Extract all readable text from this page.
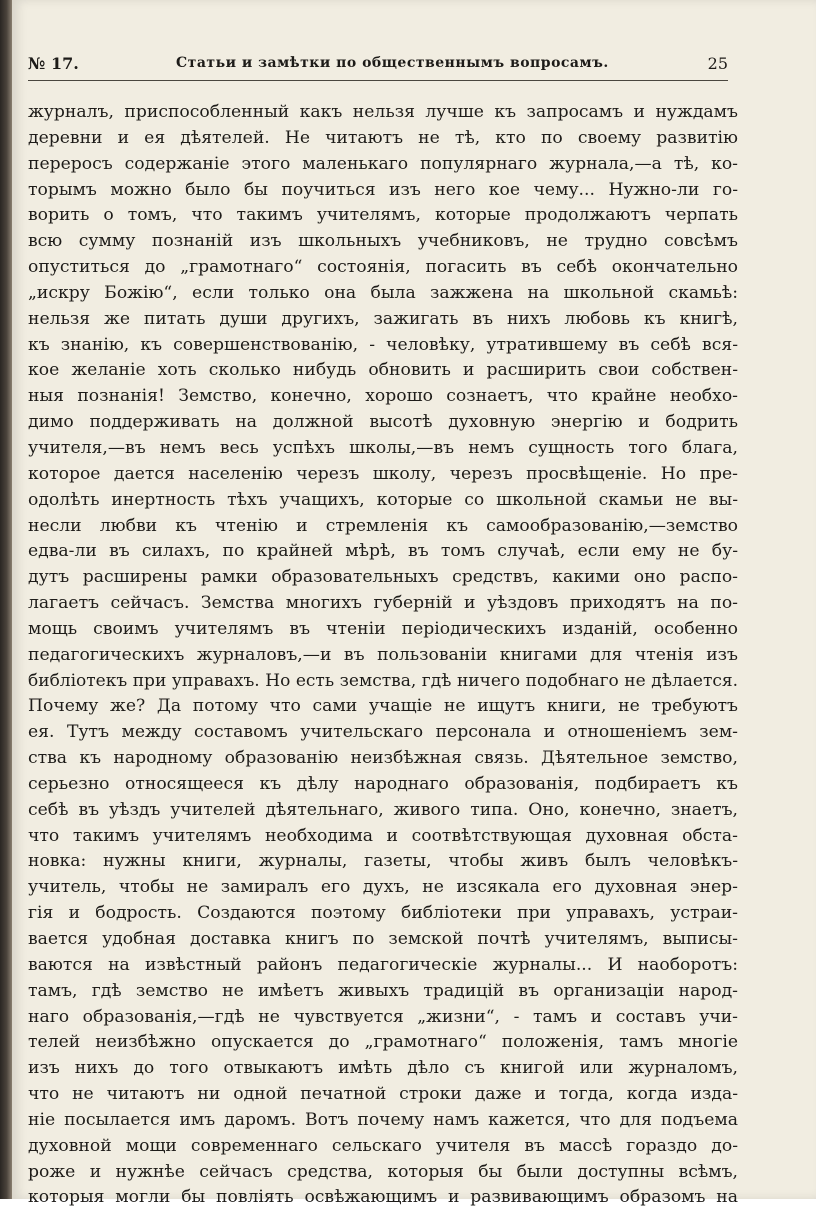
№ 17.	Статьи и замѣтки по общественнымъ вопросамъ.	25
журналъ, приспособленный какъ нельзя лучше къ запросамъ и нуждамъ
деревни и ея дѣятелей. Не читаютъ не тѣ, кто по своему развитію
переросъ содержаніе этого маленькаго популярнаго журнала,—а тѣ, ко-
торымъ можно было бы поучиться изъ него кое чему... Нужно-ли го-
ворить о томъ, что такимъ учителямъ, которые продолжаютъ черпать
всю сумму познаній изъ школьныхъ учебниковъ, не трудно совсѣмъ
опуститься до „грамотнаго“ состоянія, погасить въ себѣ окончательно
„искру Божію“, если только она была зажжена на школьной скамьѣ:
нельзя же питать души другихъ, зажигать въ нихъ любовь къ книгѣ,
къ знанію, къ совершенствованію, - человѣку, утратившему въ себѣ вся-
кое желаніе хоть сколько нибудь обновить и расширить свои собствен-
ныя познанія! Земство, конечно, хорошо сознаетъ, что крайне необхо-
димо поддерживать на должной высотѣ духовную энергію и бодрить
учителя,—въ немъ весь успѣхъ школы,—въ немъ сущность того блага,
которое дается населенію черезъ школу, черезъ просвѣщеніе. Но пре-
одолѣть инертность тѣхъ учащихъ, которые со школьной скамьи не вы-
несли любви къ чтенію и стремленія къ самообразованію,—земство
едва-ли въ силахъ, по крайней мѣрѣ, въ томъ случаѣ, если ему не бу-
дутъ расширены рамки образовательныхъ средствъ, какими оно распо-
лагаетъ сейчасъ. Земства многихъ губерній и уѣздовъ приходятъ на по-
мощь своимъ учителямъ въ чтеніи періодическихъ изданій, особенно
педагогическихъ журналовъ,—и въ пользованіи книгами для чтенія изъ
библіотекъ при управахъ. Но есть земства, гдѣ ничего подобнаго не дѣлается.
Почему же? Да потому что сами учащіе не ищутъ книги, не требуютъ
ея. Тутъ между составомъ учительскаго персонала и отношеніемъ зем-
ства къ народному образованію неизбѣжная связь. Дѣятельное земство,
серьезно относящееся къ дѣлу народнаго образованія, подбираетъ къ
себѣ въ уѣздъ учителей дѣятельнаго, живого типа. Оно, конечно, знаетъ,
что такимъ учителямъ необходима и соотвѣтствующая духовная обста-
новка: нужны книги, журналы, газеты, чтобы живъ былъ человѣкъ-
учитель, чтобы не замиралъ его духъ, не изсякала его духовная энер-
гія и бодрость. Создаются поэтому библіотеки при управахъ, устраи-
вается удобная доставка книгъ по земской почтѣ учителямъ, выписы-
ваются на извѣстный районъ педагогическіе журналы... И наоборотъ:
тамъ, гдѣ земство не имѣетъ живыхъ традицій въ организаціи народ-
наго образованія,—гдѣ не чувствуется „жизни“, - тамъ и составъ учи-
телей неизбѣжно опускается до „грамотнаго“ положенія, тамъ многіе
изъ нихъ до того отвыкаютъ имѣть дѣло съ книгой или журналомъ,
что не читаютъ ни одной печатной строки даже и тогда, когда изда-
ніе посылается имъ даромъ. Вотъ почему намъ кажется, что для подъема
духовной мощи современнаго сельскаго учителя въ массѣ гораздо до-
роже и нужнѣе сейчасъ средства, которыя бы были доступны всѣмъ,
которыя могли бы повліять освѣжающимъ и развивающимъ образомъ на
